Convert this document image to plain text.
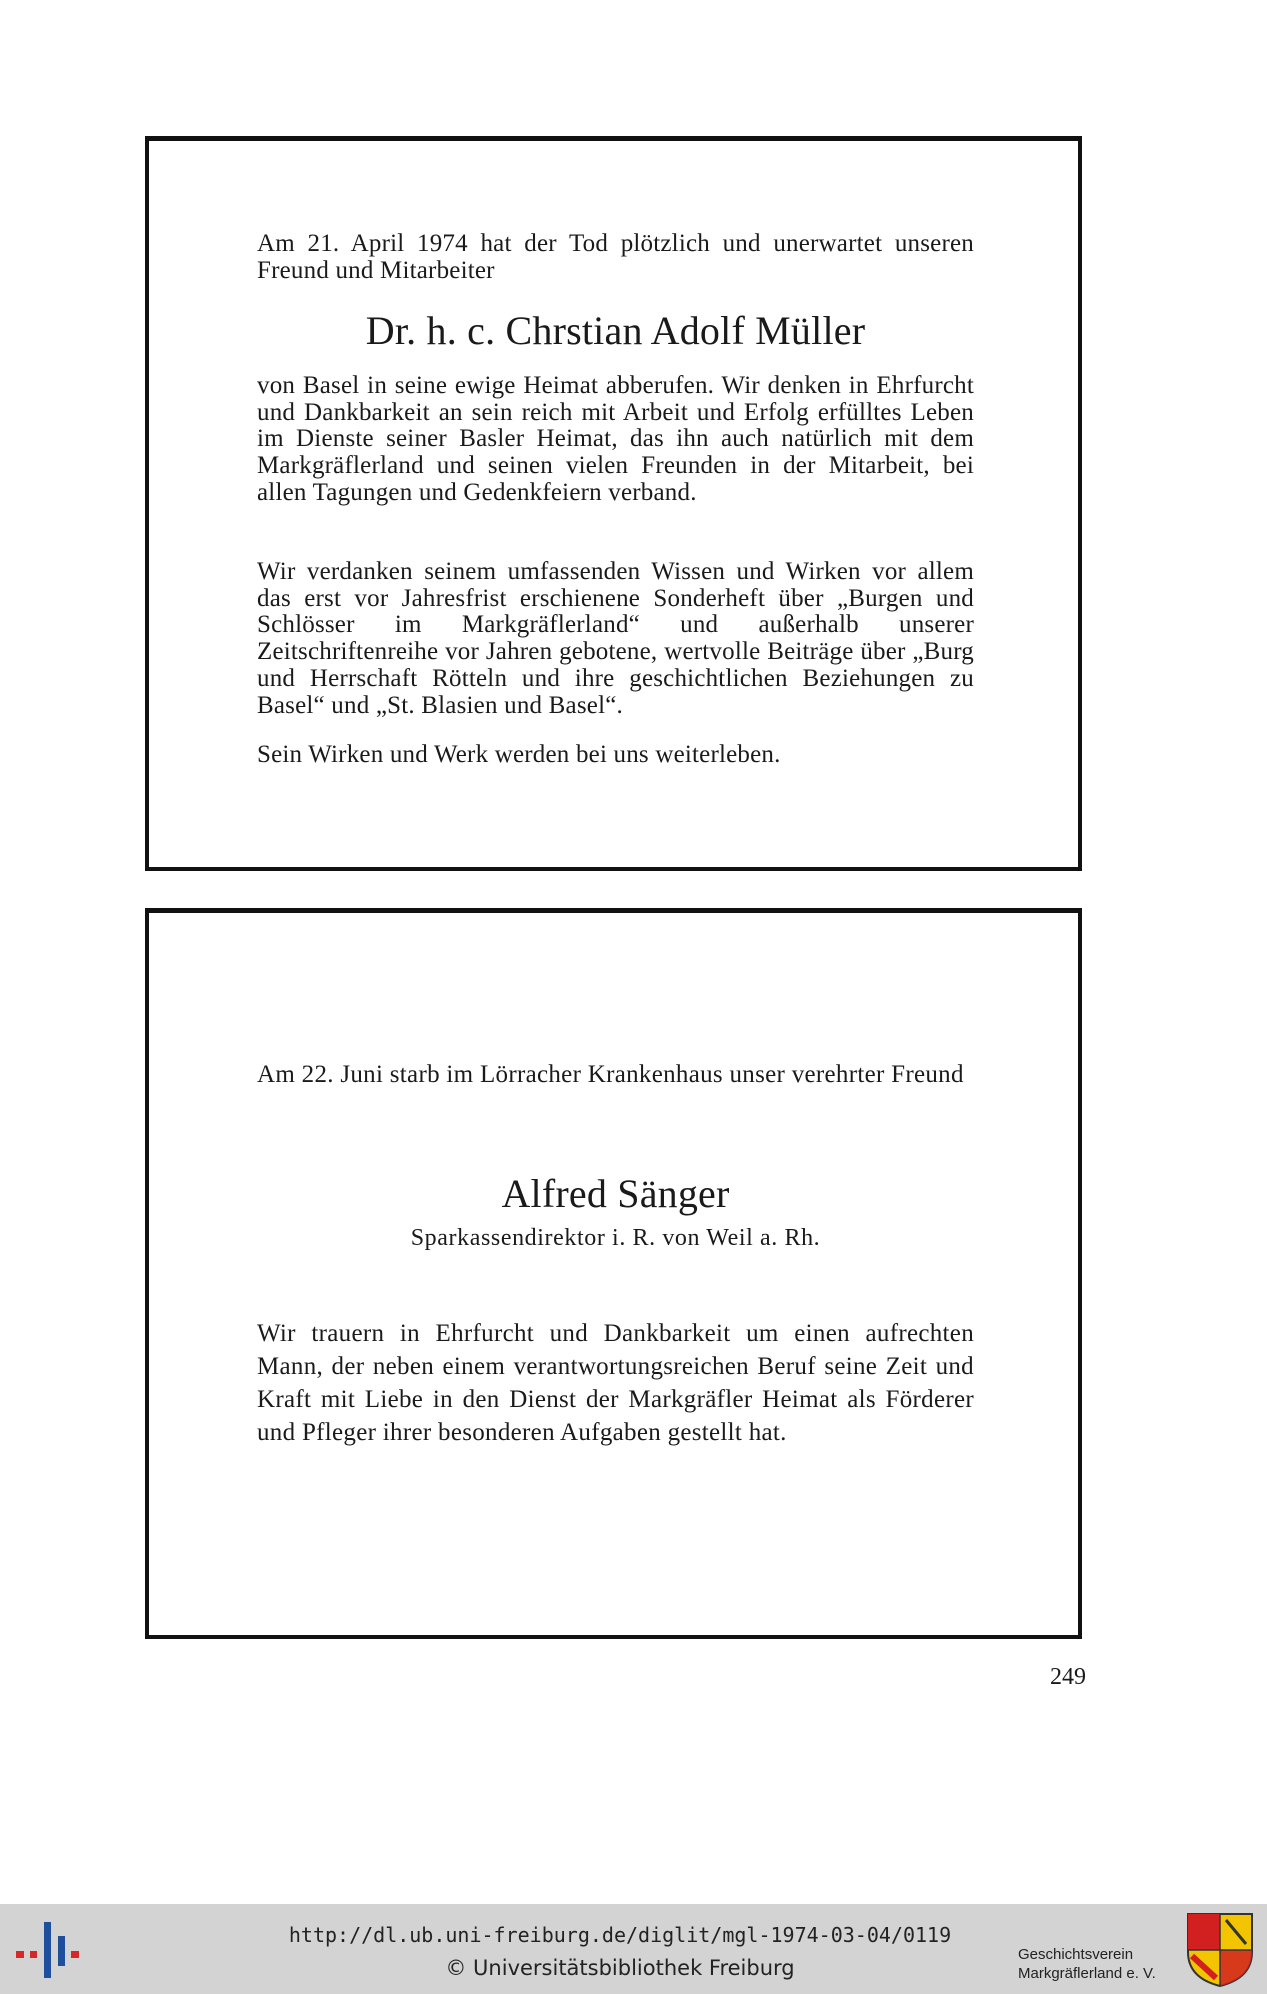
Am 21. April 1974 hat der Tod plötzlich und unerwartet unseren Freund und Mitarbeiter

Dr. h. c. Chrstian Adolf Müller

von Basel in seine ewige Heimat abberufen. Wir denken in Ehrfurcht und Dankbarkeit an sein reich mit Arbeit und Erfolg erfülltes Leben im Dienste seiner Basler Heimat, das ihn auch natürlich mit dem Markgräflerland und seinen vielen Freunden in der Mitarbeit, bei allen Tagungen und Gedenkfeiern verband.

Wir verdanken seinem umfassenden Wissen und Wirken vor allem das erst vor Jahresfrist erschienene Sonderheft über „Burgen und Schlösser im Markgräflerland“ und außerhalb unserer Zeitschriftenreihe vor Jahren gebotene, wertvolle Beiträge über „Burg und Herrschaft Rötteln und ihre geschichtlichen Beziehungen zu Basel“ und „St. Blasien und Basel“.

Sein Wirken und Werk werden bei uns weiterleben.

Am 22. Juni starb im Lörracher Krankenhaus unser verehrter Freund

Alfred Sänger

Sparkassendirektor i. R. von Weil a. Rh.

Wir trauern in Ehrfurcht und Dankbarkeit um einen aufrechten Mann, der neben einem verantwortungsreichen Beruf seine Zeit und Kraft mit Liebe in den Dienst der Markgräfler Heimat als Förderer und Pfleger ihrer besonderen Aufgaben gestellt hat.

249
http://dl.ub.uni-freiburg.de/diglit/mgl-1974-03-04/0119
© Universitätsbibliothek Freiburg
Geschichtsverein
Markgräflerland e. V.
